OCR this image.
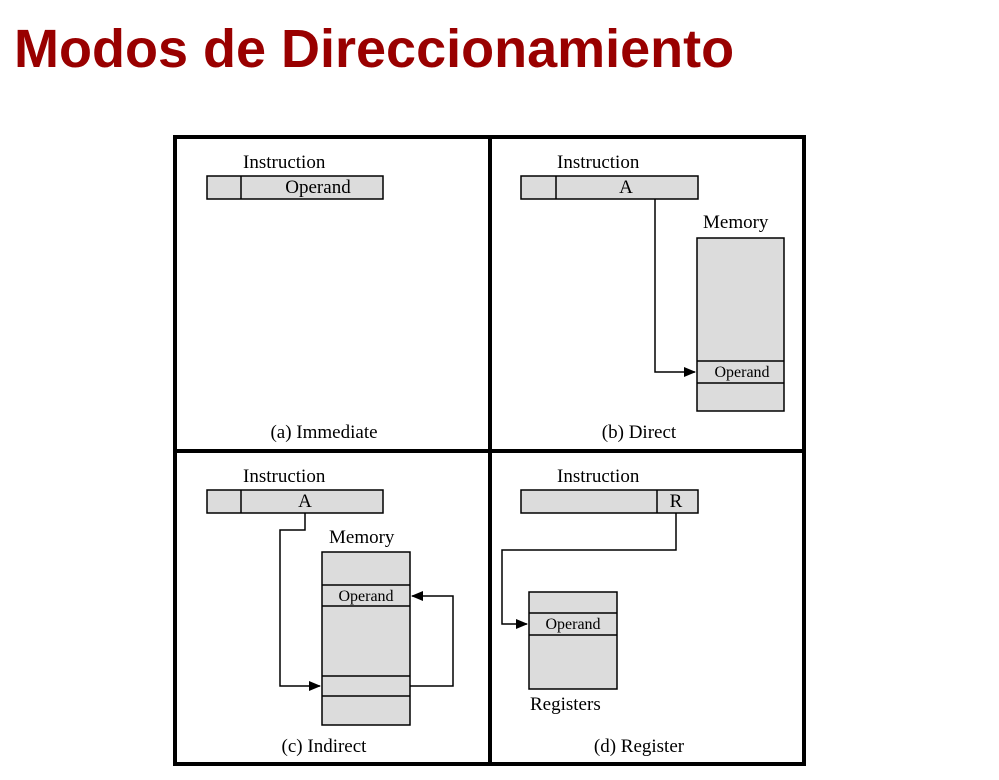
Modos de Direccionamiento
Instruction
Operand
(a) Immediate
Instruction
A
Memory
Operand
(b) Direct
Instruction
A
Memory
Operand
(c) Indirect
Instruction
R
Operand
Registers
(d) Register
